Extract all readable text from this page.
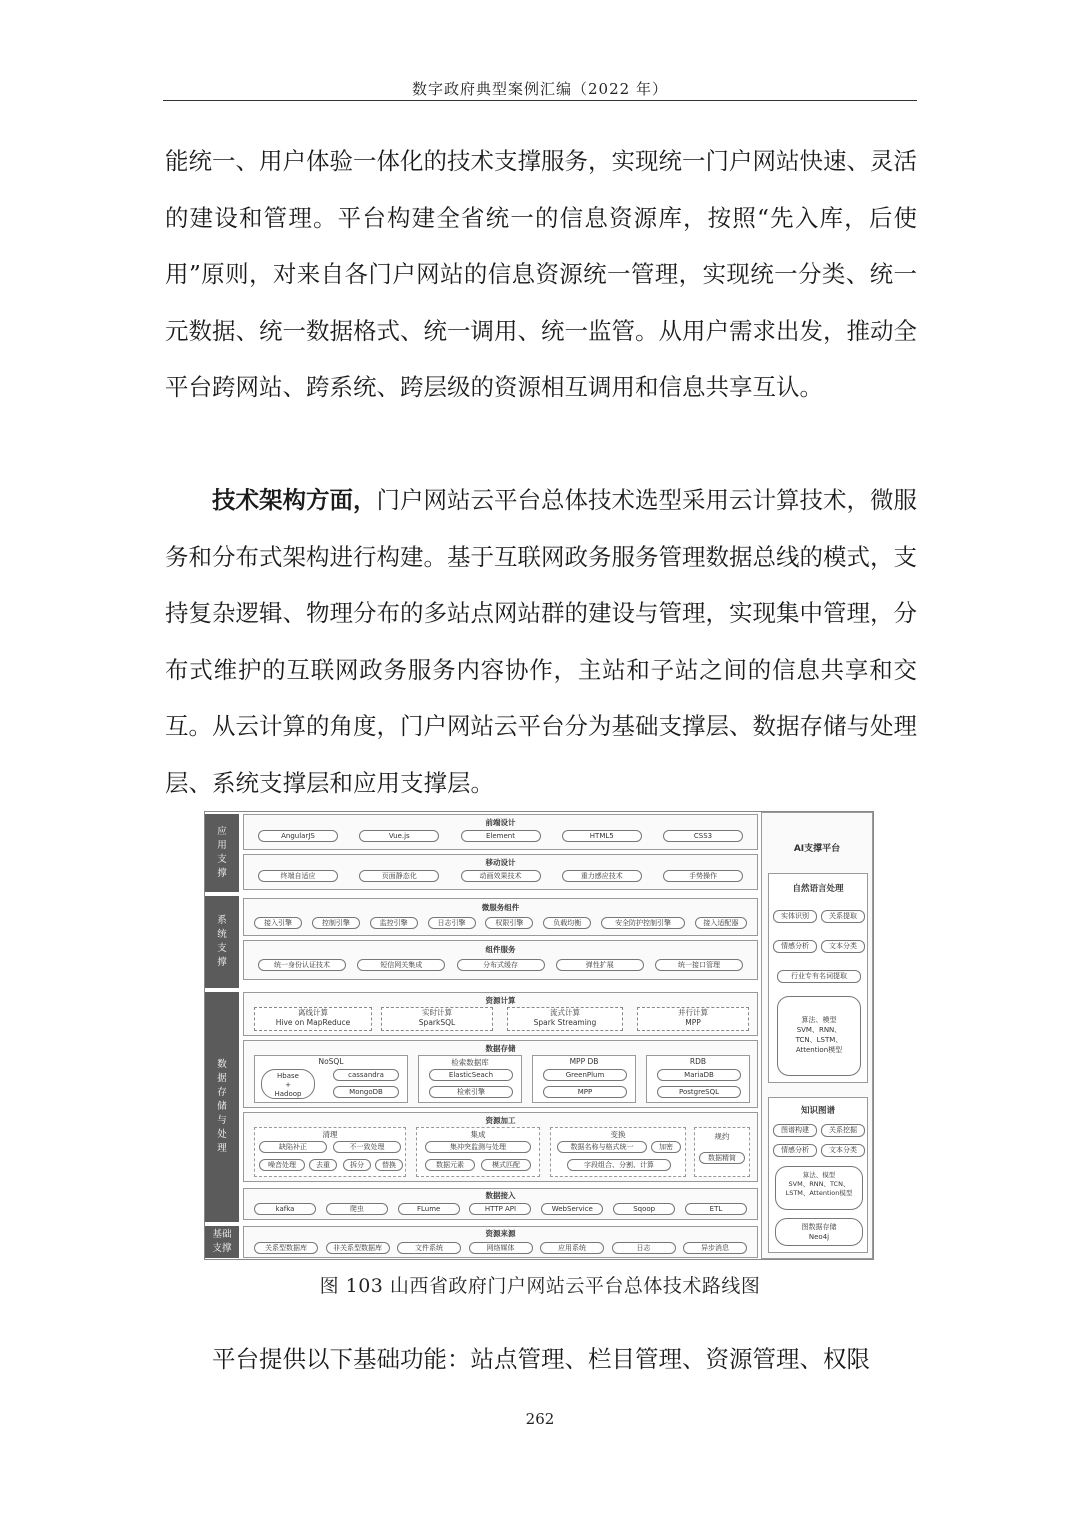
数字政府典型案例汇编（2022 年）
能统一、用户体验一体化的技术支撑服务，实现统一门户网站快速、灵活的建设和管理。平台构建全省统一的信息资源库，按照“先入库，后使用”原则，对来自各门户网站的信息资源统一管理，实现统一分类、统一元数据、统一数据格式、统一调用、统一监管。从用户需求出发，推动全平台跨网站、跨系统、跨层级的资源相互调用和信息共享互认。
技术架构方面，门户网站云平台总体技术选型采用云计算技术，微服务和分布式架构进行构建。基于互联网政务服务管理数据总线的模式，支持复杂逻辑、物理分布的多站点网站群的建设与管理，实现集中管理，分布式维护的互联网政务服务内容协作，主站和子站之间的信息共享和交互。从云计算的角度，门户网站云平台分为基础支撑层、数据存储与处理层、系统支撑层和应用支撑层。
应用支撑
系统支撑
数据存储与处理
基础支撑
前端设计
AngularJS	Vue.js	Element	HTML5	CSS3
移动设计
终端自适应	页面静态化	动画效果技术	重力感应技术	手势操作
微服务组件
接入引擎	控制引擎	监控引擎	日志引擎	权限引擎	负载均衡	安全防护控制引擎	接入适配器
组件服务
统一身份认证技术	短信网关集成	分布式缓存	弹性扩展	统一接口管理
资源计算
离线计算
Hive on MapReduce
实时计算
SparkSQL
流式计算
Spark Streaming
并行计算
MPP
数据存储
NoSQL
Hbase
+
Hadoop
cassandra
MongoDB
检索数据库
ElasticSeach
检索引擎
MPP DB
GreenPlum
MPP
RDB
MariaDB
PostgreSQL
资源加工
清理
缺陷补正	不一致处理
噪音处理	去重	拆分	替换
集成
集冲突监测与处理
数据元素	模式匹配
变换
数据名称与格式统一	加密
字段组合、分割、计算
规约
数据精简
数据接入
kafka	爬虫	FLume	HTTP API	WebService	Sqoop	ETL
资源来源
关系型数据库	非关系型数据库	文件系统	网络媒体	应用系统	日志	异步消息
AI支撑平台
自然语言处理
实体识别	关系提取
情感分析	文本分类
行业专有名词提取
算法、模型
SVM、RNN、
TCN、LSTM、
Attention模型
知识图谱
图谱构建	关系挖掘
情感分析	文本分类
算法、模型
SVM、RNN、TCN、
LSTM、Attention模型
图数据存储
Neo4j
图 103 山西省政府门户网站云平台总体技术路线图
平台提供以下基础功能：站点管理、栏目管理、资源管理、权限
262
